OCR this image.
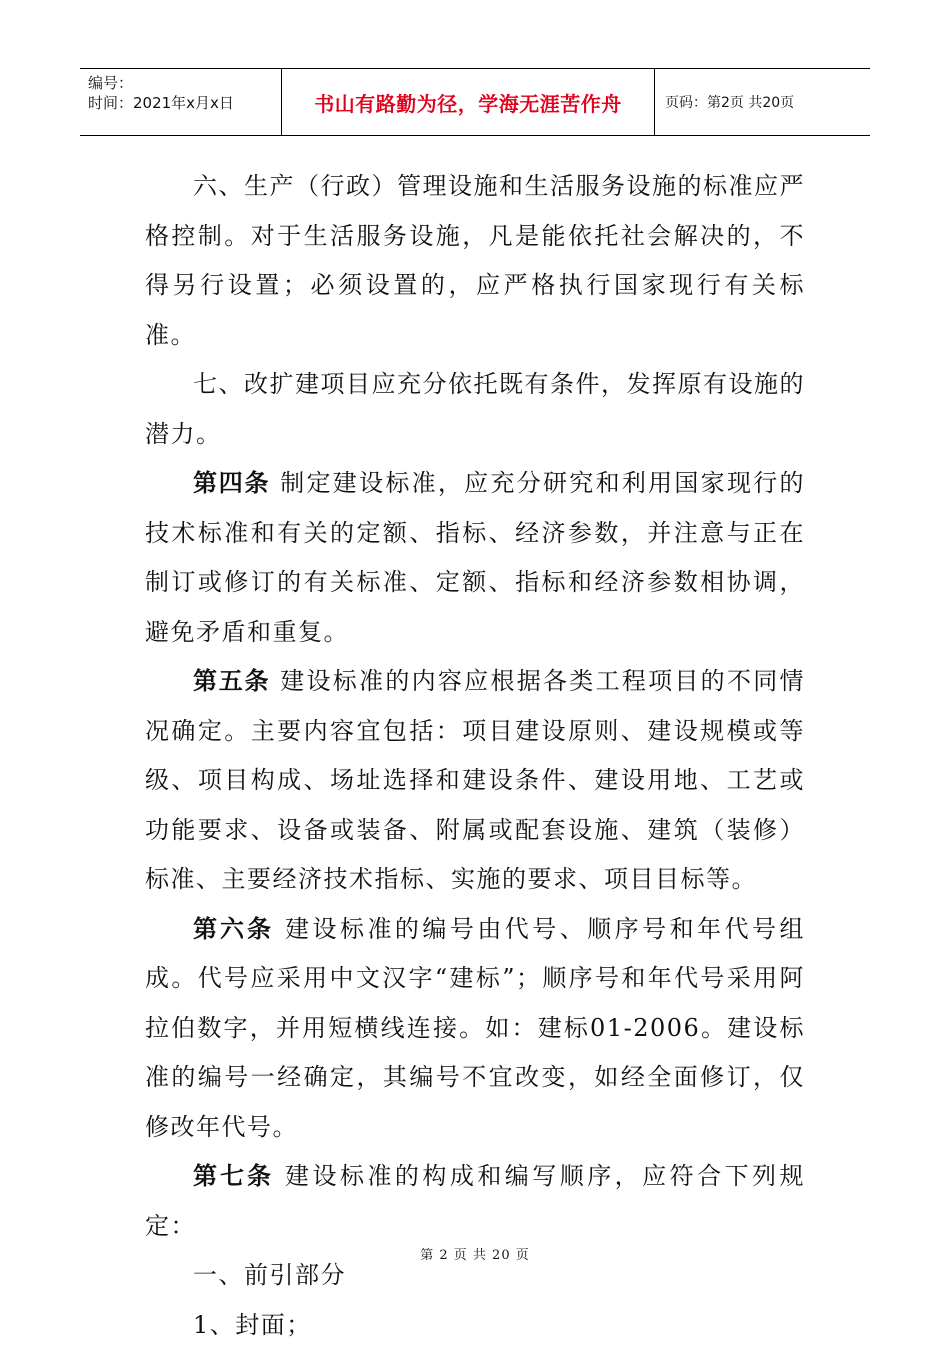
编号：
时间：2021年x月x日	书山有路勤为径，学海无涯苦作舟	页码：第2页 共20页

六、生产（行政）管理设施和生活服务设施的标准应严格控制。对于生活服务设施，凡是能依托社会解决的，不得另行设置；必须设置的，应严格执行国家现行有关标准。

七、改扩建项目应充分依托既有条件，发挥原有设施的潜力。

第四条 制定建设标准，应充分研究和利用国家现行的技术标准和有关的定额、指标、经济参数，并注意与正在制订或修订的有关标准、定额、指标和经济参数相协调，避免矛盾和重复。

第五条 建设标准的内容应根据各类工程项目的不同情况确定。主要内容宜包括：项目建设原则、建设规模或等级、项目构成、场址选择和建设条件、建设用地、工艺或功能要求、设备或装备、附属或配套设施、建筑（装修）标准、主要经济技术指标、实施的要求、项目目标等。

第六条 建设标准的编号由代号、顺序号和年代号组成。代号应采用中文汉字“建标”；顺序号和年代号采用阿拉伯数字，并用短横线连接。如：建标01-2006。建设标准的编号一经确定，其编号不宜改变，如经全面修订，仅修改年代号。

第七条 建设标准的构成和编写顺序，应符合下列规定：

一、前引部分

1、封面；

第 2 页 共 20 页
